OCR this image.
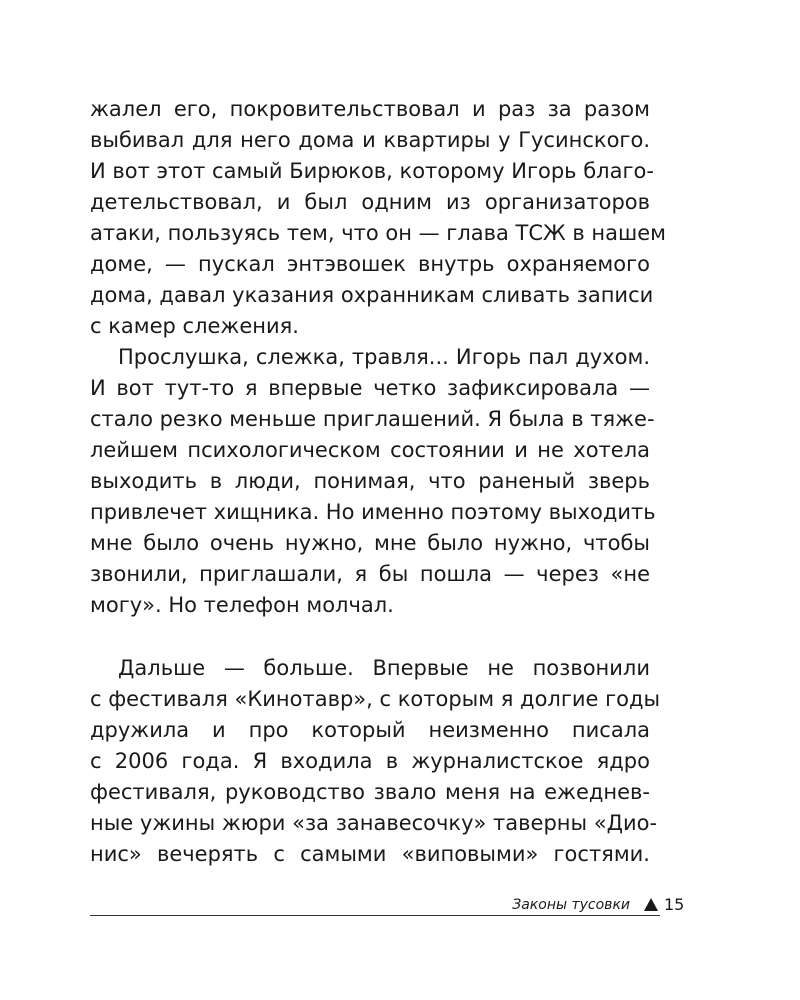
жалел его, покровительствовал и раз за разом
выбивал для него дома и квартиры у Гусинского.
И вот этот самый Бирюков, которому Игорь благо-
детельствовал, и был одним из организаторов
атаки, пользуясь тем, что он — глава ТСЖ в нашем
доме, — пускал энтэвошек внутрь охраняемого
дома, давал указания охранникам сливать записи
с камер слежения.
Прослушка, слежка, травля... Игорь пал духом.
И вот тут-то я впервые четко зафиксировала —
стало резко меньше приглашений. Я была в тяже-
лейшем психологическом состоянии и не хотела
выходить в люди, понимая, что раненый зверь
привлечет хищника. Но именно поэтому выходить
мне было очень нужно, мне было нужно, чтобы
звонили, приглашали, я бы пошла — через «не
могу». Но телефон молчал.
Дальше — больше. Впервые не позвонили
с фестиваля «Кинотавр», с которым я долгие годы
дружила и про который неизменно писала
с 2006 года. Я входила в журналистское ядро
фестиваля, руководство звало меня на ежеднев-
ные ужины жюри «за занавесочку» таверны «Дио-
нис» вечерять с самыми «виповыми» гостями.
Законы тусовки 15
